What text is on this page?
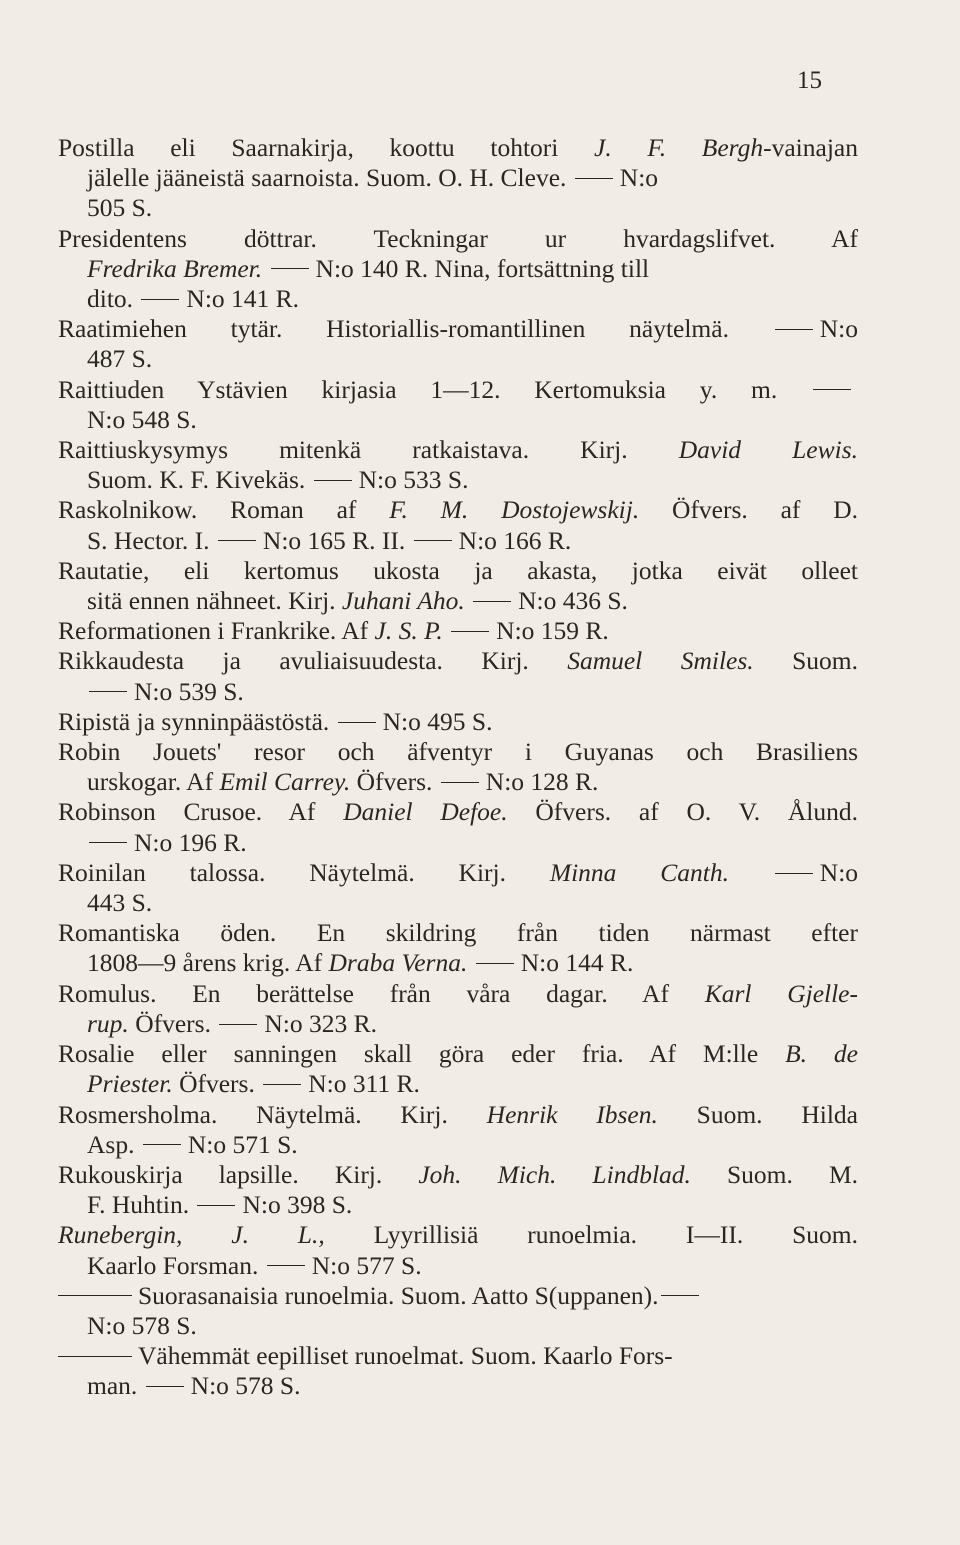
15
Postilla eli Saarnakirja, koottu tohtori J. F. Bergh-vainajan
jälelle jääneistä saarnoista. Suom. O. H. Cleve. N:o
505 S.
Presidentens döttrar. Teckningar ur hvardagslifvet. Af
Fredrika Bremer. N:o 140 R. Nina, fortsättning till
dito. N:o 141 R.
Raatimiehen tytär. Historiallis-romantillinen näytelmä. N:o
487 S.
Raittiuden Ystävien kirjasia 1—12. Kertomuksia y. m.
N:o 548 S.
Raittiuskysymys mitenkä ratkaistava. Kirj. David Lewis.
Suom. K. F. Kivekäs. N:o 533 S.
Raskolnikow. Roman af F. M. Dostojewskij. Öfvers. af D.
S. Hector. I. N:o 165 R. II. N:o 166 R.
Rautatie, eli kertomus ukosta ja akasta, jotka eivät olleet
sitä ennen nähneet. Kirj. Juhani Aho. N:o 436 S.
Reformationen i Frankrike. Af J. S. P. N:o 159 R.
Rikkaudesta ja avuliaisuudesta. Kirj. Samuel Smiles. Suom.
N:o 539 S.
Ripistä ja synninpäästöstä. N:o 495 S.
Robin Jouets' resor och äfventyr i Guyanas och Brasiliens
urskogar. Af Emil Carrey. Öfvers. N:o 128 R.
Robinson Crusoe. Af Daniel Defoe. Öfvers. af O. V. Ålund.
N:o 196 R.
Roinilan talossa. Näytelmä. Kirj. Minna Canth.	N:o
443 S.
Romantiska öden. En skildring från tiden närmast efter
1808—9 årens krig. Af Draba Verna. N:o 144 R.
Romulus. En berättelse från våra dagar. Af Karl Gjelle-
rup. Öfvers. N:o 323 R.
Rosalie eller sanningen skall göra eder fria. Af M:lle B. de
Priester. Öfvers. N:o 311 R.
Rosmersholma. Näytelmä. Kirj. Henrik Ibsen. Suom. Hilda
Asp. N:o 571 S.
Rukouskirja lapsille. Kirj. Joh. Mich. Lindblad. Suom. M.
F. Huhtin. N:o 398 S.
Runebergin, J. L., Lyyrillisiä runoelmia. I—II. Suom.
Kaarlo Forsman. N:o 577 S.
Suorasanaisia runoelmia. Suom. Aatto S(uppanen).
N:o 578 S.
Vähemmät eepilliset runoelmat. Suom. Kaarlo Fors-
man. N:o 578 S.
